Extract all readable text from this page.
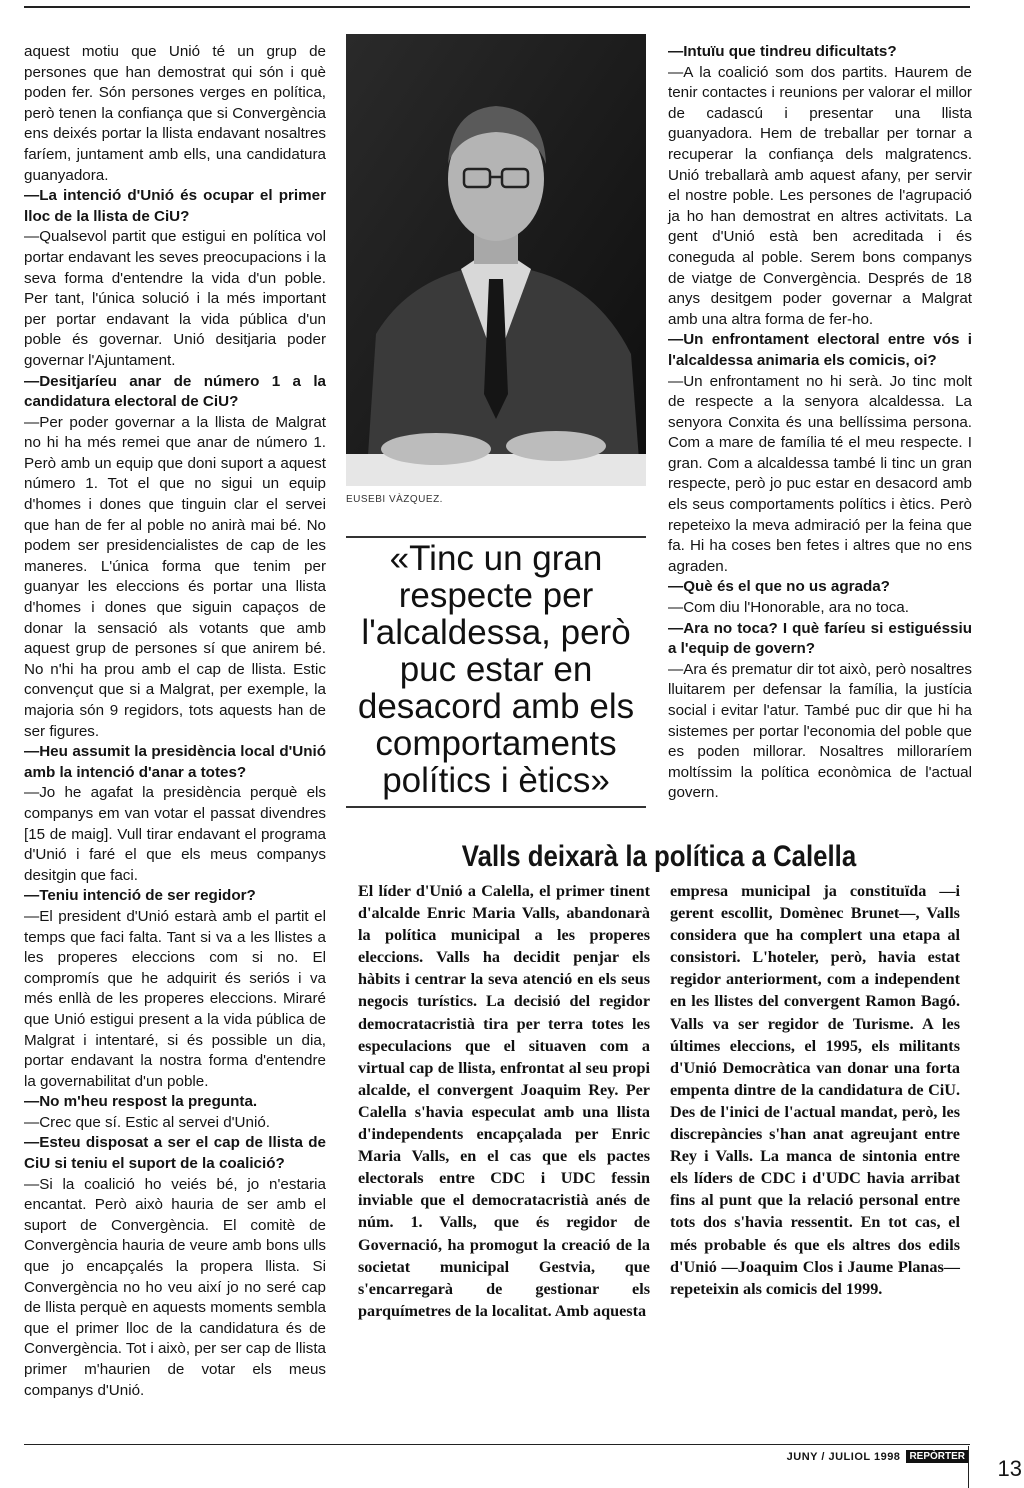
aquest motiu que Unió té un grup de persones que han demostrat qui són i què poden fer. Són persones verges en política, però tenen la confiança que si Convergència ens deixés portar la llista endavant nosaltres faríem, juntament amb ells, una candidatura guanyadora.

—La intenció d'Unió és ocupar el primer lloc de la llista de CiU?

—Qualsevol partit que estigui en política vol portar endavant les seves preocupacions i la seva forma d'entendre la vida d'un poble. Per tant, l'única solució i la més important per portar endavant la vida pública d'un poble és governar. Unió desitjaria poder governar l'Ajuntament.

—Desitjaríeu anar de número 1 a la candidatura electoral de CiU?

—Per poder governar a la llista de Malgrat no hi ha més remei que anar de número 1. Però amb un equip que doni suport a aquest número 1. Tot el que no sigui un equip d'homes i dones que tinguin clar el servei que han de fer al poble no anirà mai bé. No podem ser presidencialistes de cap de les maneres. L'única forma que tenim per guanyar les eleccions és portar una llista d'homes i dones que siguin capaços de donar la sensació als votants que amb aquest grup de persones sí que anirem bé. No n'hi ha prou amb el cap de llista. Estic convençut que si a Malgrat, per exemple, la majoria són 9 regidors, tots aquests han de ser figures.

—Heu assumit la presidència local d'Unió amb la intenció d'anar a totes?

—Jo he agafat la presidència perquè els companys em van votar el passat divendres [15 de maig]. Vull tirar endavant el programa d'Unió i faré el que els meus companys desitgin que faci.

—Teniu intenció de ser regidor?

—El president d'Unió estarà amb el partit el temps que faci falta. Tant si va a les llistes a les properes eleccions com si no. El compromís que he adquirit és seriós i va més enllà de les properes eleccions. Miraré que Unió estigui present a la vida pública de Malgrat i intentaré, si és possible un dia, portar endavant la nostra forma d'entendre la governabilitat d'un poble.

—No m'heu respost la pregunta.

—Crec que sí. Estic al servei d'Unió.

—Esteu disposat a ser el cap de llista de CiU si teniu el suport de la coalició?

—Si la coalició ho veiés bé, jo n'estaria encantat. Però això hauria de ser amb el suport de Convergència. El comitè de Convergència hauria de veure amb bons ulls que jo encapçalés la propera llista. Si Convergència no ho veu així jo no seré cap de llista perquè en aquests moments sembla que el primer lloc de la candidatura és de Convergència. Tot i això, per ser cap de llista primer m'haurien de votar els meus companys d'Unió.

EUSEBI VÀZQUEZ.
«Tinc un gran respecte per l'alcaldessa, però puc estar en desacord amb els comportaments polítics i ètics»

—Intuïu que tindreu dificultats?

—A la coalició som dos partits. Haurem de tenir contactes i reunions per valorar el millor de cadascú i presentar una llista guanyadora. Hem de treballar per tornar a recuperar la confiança dels malgratencs. Unió treballarà amb aquest afany, per servir el nostre poble. Les persones de l'agrupació ja ho han demostrat en altres activitats. La gent d'Unió està ben acreditada i és coneguda al poble. Serem bons companys de viatge de Convergència. Després de 18 anys desitgem poder governar a Malgrat amb una altra forma de fer-ho.

—Un enfrontament electoral entre vós i l'alcaldessa animaria els comicis, oi?

—Un enfrontament no hi serà. Jo tinc molt de respecte a la senyora alcaldessa. La senyora Conxita és una bellíssima persona. Com a mare de família té el meu respecte. I gran. Com a alcaldessa també li tinc un gran respecte, però jo puc estar en desacord amb els seus comportaments polítics i ètics. Però repeteixo la meva admiració per la feina que fa. Hi ha coses ben fetes i altres que no ens agraden.

—Què és el que no us agrada?

—Com diu l'Honorable, ara no toca.

—Ara no toca? I què faríeu si estiguéssiu a l'equip de govern?

—Ara és prematur dir tot això, però nosaltres lluitarem per defensar la família, la justícia social i evitar l'atur. També puc dir que hi ha sistemes per portar l'economia del poble que es poden millorar. Nosaltres milloraríem moltíssim la política econòmica de l'actual govern.

Valls deixarà la política a Calella
El líder d'Unió a Calella, el primer tinent d'alcalde Enric Maria Valls, abandonarà la política municipal a les properes eleccions. Valls ha decidit penjar els hàbits i centrar la seva atenció en els seus negocis turístics. La decisió del regidor democratacristià tira per terra totes les especulacions que el situaven com a virtual cap de llista, enfrontat al seu propi alcalde, el convergent Joaquim Rey. Per Calella s'havia especulat amb una llista d'independents encapçalada per Enric Maria Valls, en el cas que els pactes electorals entre CDC i UDC fessin inviable que el democratacristià anés de núm. 1. Valls, que és regidor de Governació, ha promogut la creació de la societat municipal Gestvia, que s'encarregarà de gestionar els parquímetres de la localitat. Amb aquesta
empresa municipal ja constituïda —i gerent escollit, Domènec Brunet—, Valls considera que ha complert una etapa al consistori. L'hoteler, però, havia estat regidor anteriorment, com a independent en les llistes del convergent Ramon Bagó. Valls va ser regidor de Turisme. A les últimes eleccions, el 1995, els militants d'Unió Democràtica van donar una forta empenta dintre de la candidatura de CiU. Des de l'inici de l'actual mandat, però, les discrepàncies s'han anat agreujant entre Rey i Valls. La manca de sintonia entre els líders de CDC i d'UDC havia arribat fins al punt que la relació personal entre tots dos s'havia ressentit. En tot cas, el més probable és que els altres dos edils d'Unió —Joaquim Clos i Jaume Planas— repeteixin als comicis del 1999.
JUNY / JULIOL 1998 REPÒRTER 13
